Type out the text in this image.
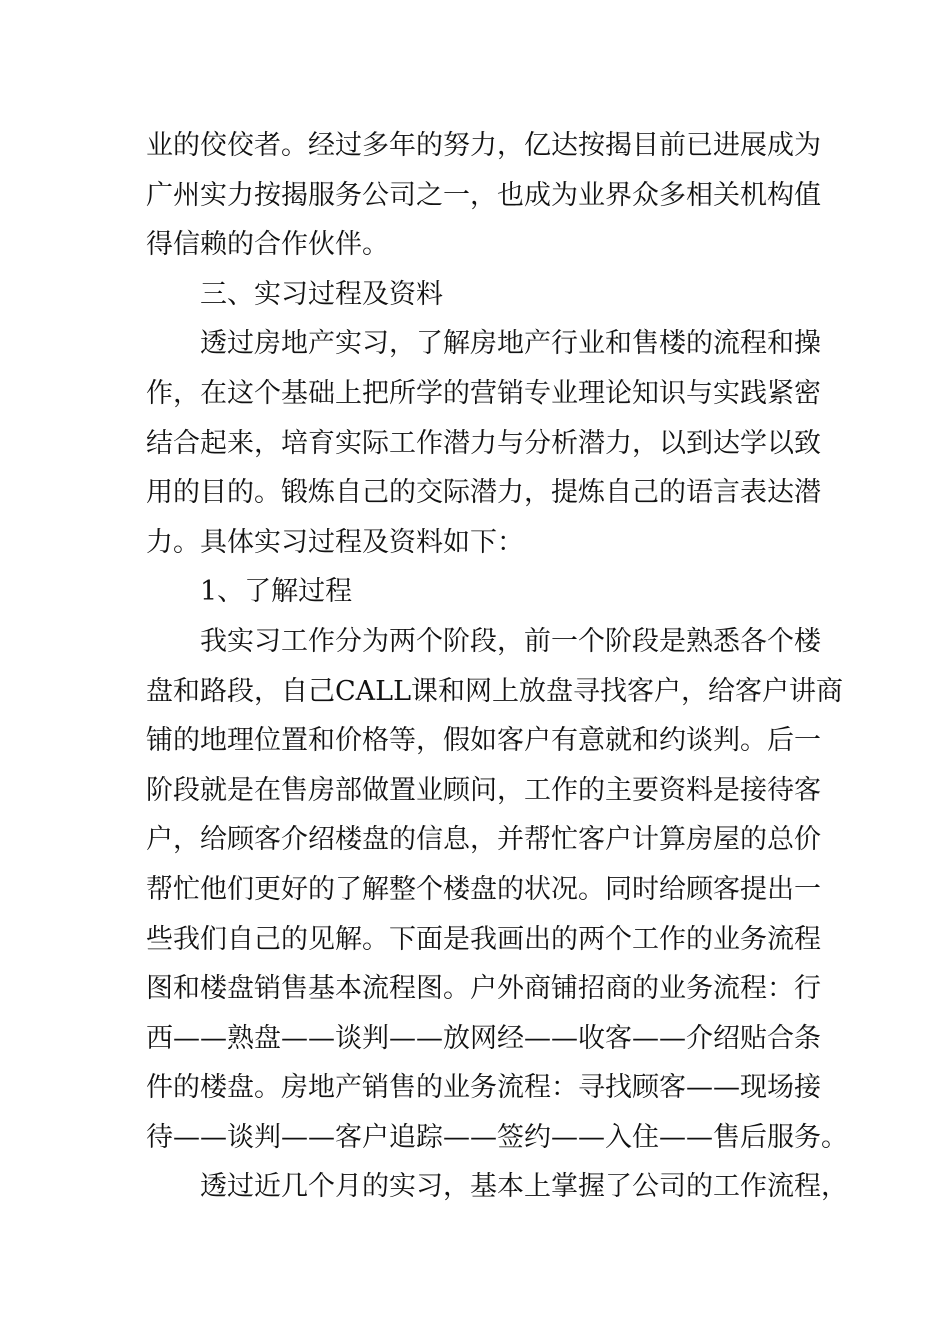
业的佼佼者。经过多年的努力，亿达按揭目前已进展成为
广州实力按揭服务公司之一，也成为业界众多相关机构值
得信赖的合作伙伴。
三、实习过程及资料
透过房地产实习，了解房地产行业和售楼的流程和操
作，在这个基础上把所学的营销专业理论知识与实践紧密
结合起来，培育实际工作潜力与分析潜力，以到达学以致
用的目的。锻炼自己的交际潜力，提炼自己的语言表达潜
力。具体实习过程及资料如下：
1、了解过程
我实习工作分为两个阶段，前一个阶段是熟悉各个楼
盘和路段，自己CALL课和网上放盘寻找客户，给客户讲商
铺的地理位置和价格等，假如客户有意就和约谈判。后一
阶段就是在售房部做置业顾问，工作的主要资料是接待客
户，给顾客介绍楼盘的信息，并帮忙客户计算房屋的总价
帮忙他们更好的了解整个楼盘的状况。同时给顾客提出一
些我们自己的见解。下面是我画出的两个工作的业务流程
图和楼盘销售基本流程图。户外商铺招商的业务流程：行
西——熟盘——谈判——放网经——收客——介绍贴合条
件的楼盘。房地产销售的业务流程：寻找顾客——现场接
待——谈判——客户追踪——签约——入住——售后服务。
透过近几个月的实习，基本上掌握了公司的工作流程，
